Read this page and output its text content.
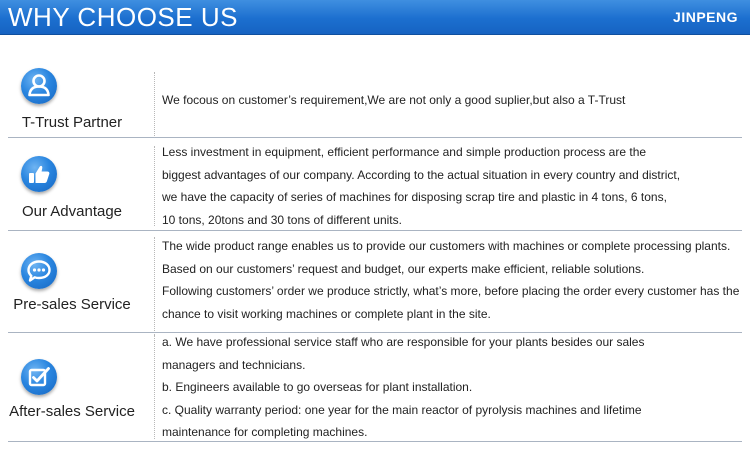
WHY CHOOSE US	JINPENG
T-Trust Partner

We focous on customer’s requirement,We are not only a good suplier,but also a T-Trust

Our Advantage

Less investment in equipment, efficient performance and simple production process are the

biggest advantages of our company. According to the actual situation in every country and district,

we have the capacity of series of machines for disposing scrap tire and plastic in 4 tons, 6 tons,

10 tons, 20tons and 30 tons of different units.

Pre-sales Service

The wide product range enables us to provide our customers with machines or complete processing plants.

Based on our customers’ request and budget, our experts make efficient, reliable solutions.

Following customers’ order we produce strictly, what’s more, before placing the order every customer has the

chance to visit working machines or complete plant in the site.

After-sales Service

a. We have professional service staff who are responsible for your plants besides our sales

managers and technicians.

b. Engineers available to go overseas for plant installation.

c. Quality warranty period: one year for the main reactor of pyrolysis machines and lifetime

maintenance for completing machines.
